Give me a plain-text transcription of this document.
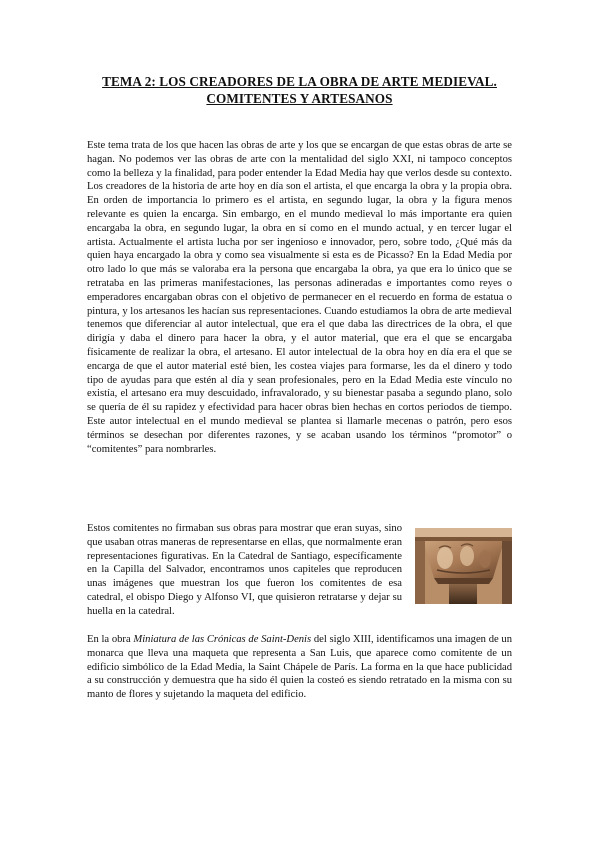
TEMA 2: LOS CREADORES DE LA OBRA DE ARTE MEDIEVAL.
COMITENTES Y ARTESANOS

Este tema trata de los que hacen las obras de arte y los que se encargan de que estas obras de arte se hagan. No podemos ver las obras de arte con la mentalidad del siglo XXI, ni tampoco conceptos como la belleza y la finalidad, para poder entender la Edad Media hay que verlos desde su contexto. Los creadores de la historia de arte hoy en día son el artista, el que encarga la obra y la propia obra. En orden de importancia lo primero es el artista, en segundo lugar, la obra y la figura menos relevante es quien la encarga. Sin embargo, en el mundo medieval lo más importante era quien encargaba la obra, en segundo lugar, la obra en sí como en el mundo actual, y en tercer lugar el artista. Actualmente el artista lucha por ser ingenioso e innovador, pero, sobre todo, ¿Qué más da quien haya encargado la obra y como sea visualmente si esta es de Picasso? En la Edad Media por otro lado lo que más se valoraba era la persona que encargaba la obra, ya que era lo único que se retrataba en las primeras manifestaciones, las personas adineradas e importantes como reyes o emperadores encargaban obras con el objetivo de permanecer en el recuerdo en forma de estatua o pintura, y los artesanos les hacían sus representaciones. Cuando estudiamos la obra de arte medieval tenemos que diferenciar al autor intelectual, que era el que daba las directrices de la obra, el que dirigía y daba el dinero para hacer la obra, y el autor material, que era el que se encargaba físicamente de realizar la obra, el artesano. El autor intelectual de la obra hoy en día era el que se encarga de que el autor material esté bien, les costea viajes para formarse, les da el dinero y todo tipo de ayudas para que estén al día y sean profesionales, pero en la Edad Media este vínculo no existía, el artesano era muy descuidado, infravalorado, y su bienestar pasaba a segundo plano, solo se quería de él su rapidez y efectividad para hacer obras bien hechas en cortos periodos de tiempo. Este autor intelectual en el mundo medieval se plantea si llamarle mecenas o patrón, pero esos términos se desechan por diferentes razones, y se acaban usando los términos “promotor” o “comitentes” para nombrarles.

Estos comitentes no firmaban sus obras para mostrar que eran suyas, sino que usaban otras maneras de representarse en ellas, que normalmente eran representaciones figurativas. En la Catedral de Santiago, específicamente en la Capilla del Salvador, encontramos unos capiteles que reproducen unas imágenes que muestran los que fueron los comitentes de esa catedral, el obispo Diego y Alfonso VI, que quisieron retratarse y dejar su huella en la catedral.

En la obra Miniatura de las Crónicas de Saint-Denis del siglo XIII, identificamos una imagen de un monarca que lleva una maqueta que representa a San Luis, que aparece como comitente de un edificio simbólico de la Edad Media, la Saint Chápele de París. La forma en la que hace publicidad a su construcción y demuestra que ha sido él quien la costeó es siendo retratado en la misma con su manto de flores y sujetando la maqueta del edificio.
